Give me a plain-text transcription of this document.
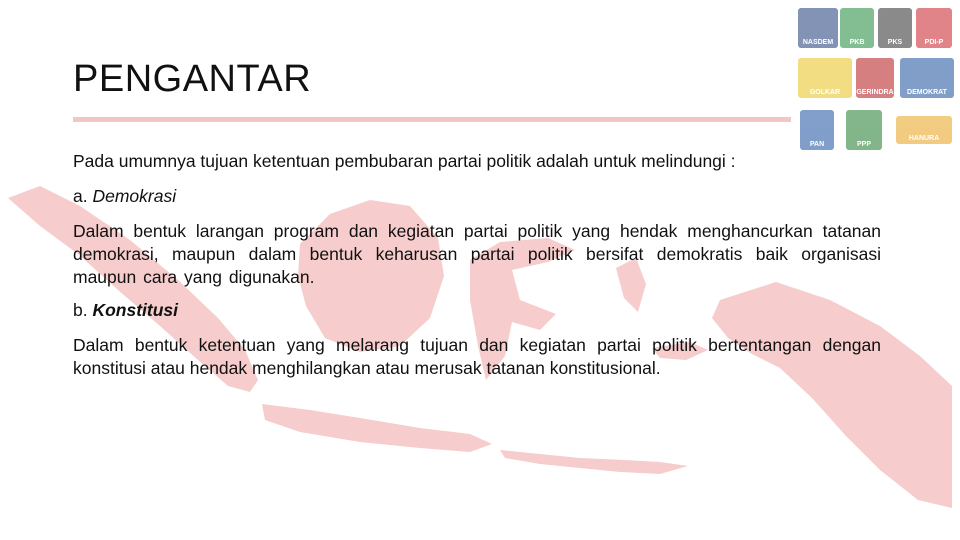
PENGANTAR
NASDEM	PKB	PKS	PDI-P
GOLKAR	GERINDRA	DEMOKRAT
PAN	PPP
HANURA

Pada umumnya tujuan ketentuan pembubaran partai politik adalah untuk melindungi :

a. Demokrasi

Dalam bentuk larangan program dan kegiatan partai politik yang hendak menghancurkan tatanan demokrasi, maupun dalam bentuk keharusan partai politik bersifat demokratis baik organisasi maupun cara yang digunakan.

b. Konstitusi

Dalam bentuk ketentuan yang melarang tujuan dan kegiatan partai politik bertentangan dengan konstitusi atau hendak menghilangkan atau merusak tatanan konstitusional.
